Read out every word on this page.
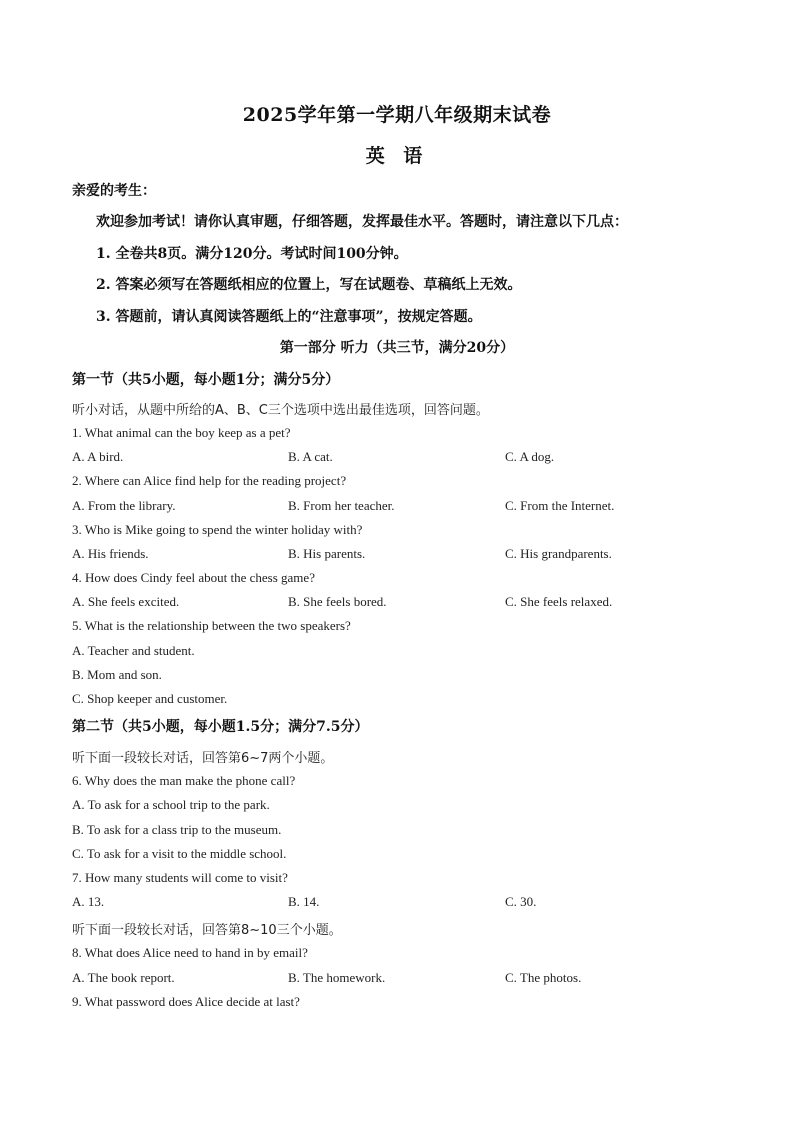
2025学年第一学期八年级期末试卷
英 语
亲爱的考生：
欢迎参加考试！请你认真审题，仔细答题，发挥最佳水平。答题时，请注意以下几点：
1. 全卷共8页。满分120分。考试时间100分钟。
2. 答案必须写在答题纸相应的位置上，写在试题卷、草稿纸上无效。
3. 答题前，请认真阅读答题纸上的“注意事项”，按规定答题。
第一部分 听力（共三节，满分20分）
第一节（共5小题，每小题1分；满分5分）
听小对话，从题中所给的A、B、C三个选项中选出最佳选项，回答问题。
1. What animal can the boy keep as a pet?
A. A bird.	B. A cat.	C. A dog.
2. Where can Alice find help for the reading project?
A. From the library.	B. From her teacher.	C. From the Internet.
3. Who is Mike going to spend the winter holiday with?
A. His friends.	B. His parents.	C. His grandparents.
4. How does Cindy feel about the chess game?
A. She feels excited.	B. She feels bored.	C. She feels relaxed.
5. What is the relationship between the two speakers?
A. Teacher and student.
B. Mom and son.
C. Shop keeper and customer.
第二节（共5小题，每小题1.5分；满分7.5分）
听下面一段较长对话，回答第6~7两个小题。
6. Why does the man make the phone call?
A. To ask for a school trip to the park.
B. To ask for a class trip to the museum.
C. To ask for a visit to the middle school.
7. How many students will come to visit?
A. 13.	B. 14.	C. 30.
听下面一段较长对话，回答第8~10三个小题。
8. What does Alice need to hand in by email?
A. The book report.	B. The homework.	C. The photos.
9. What password does Alice decide at last?
